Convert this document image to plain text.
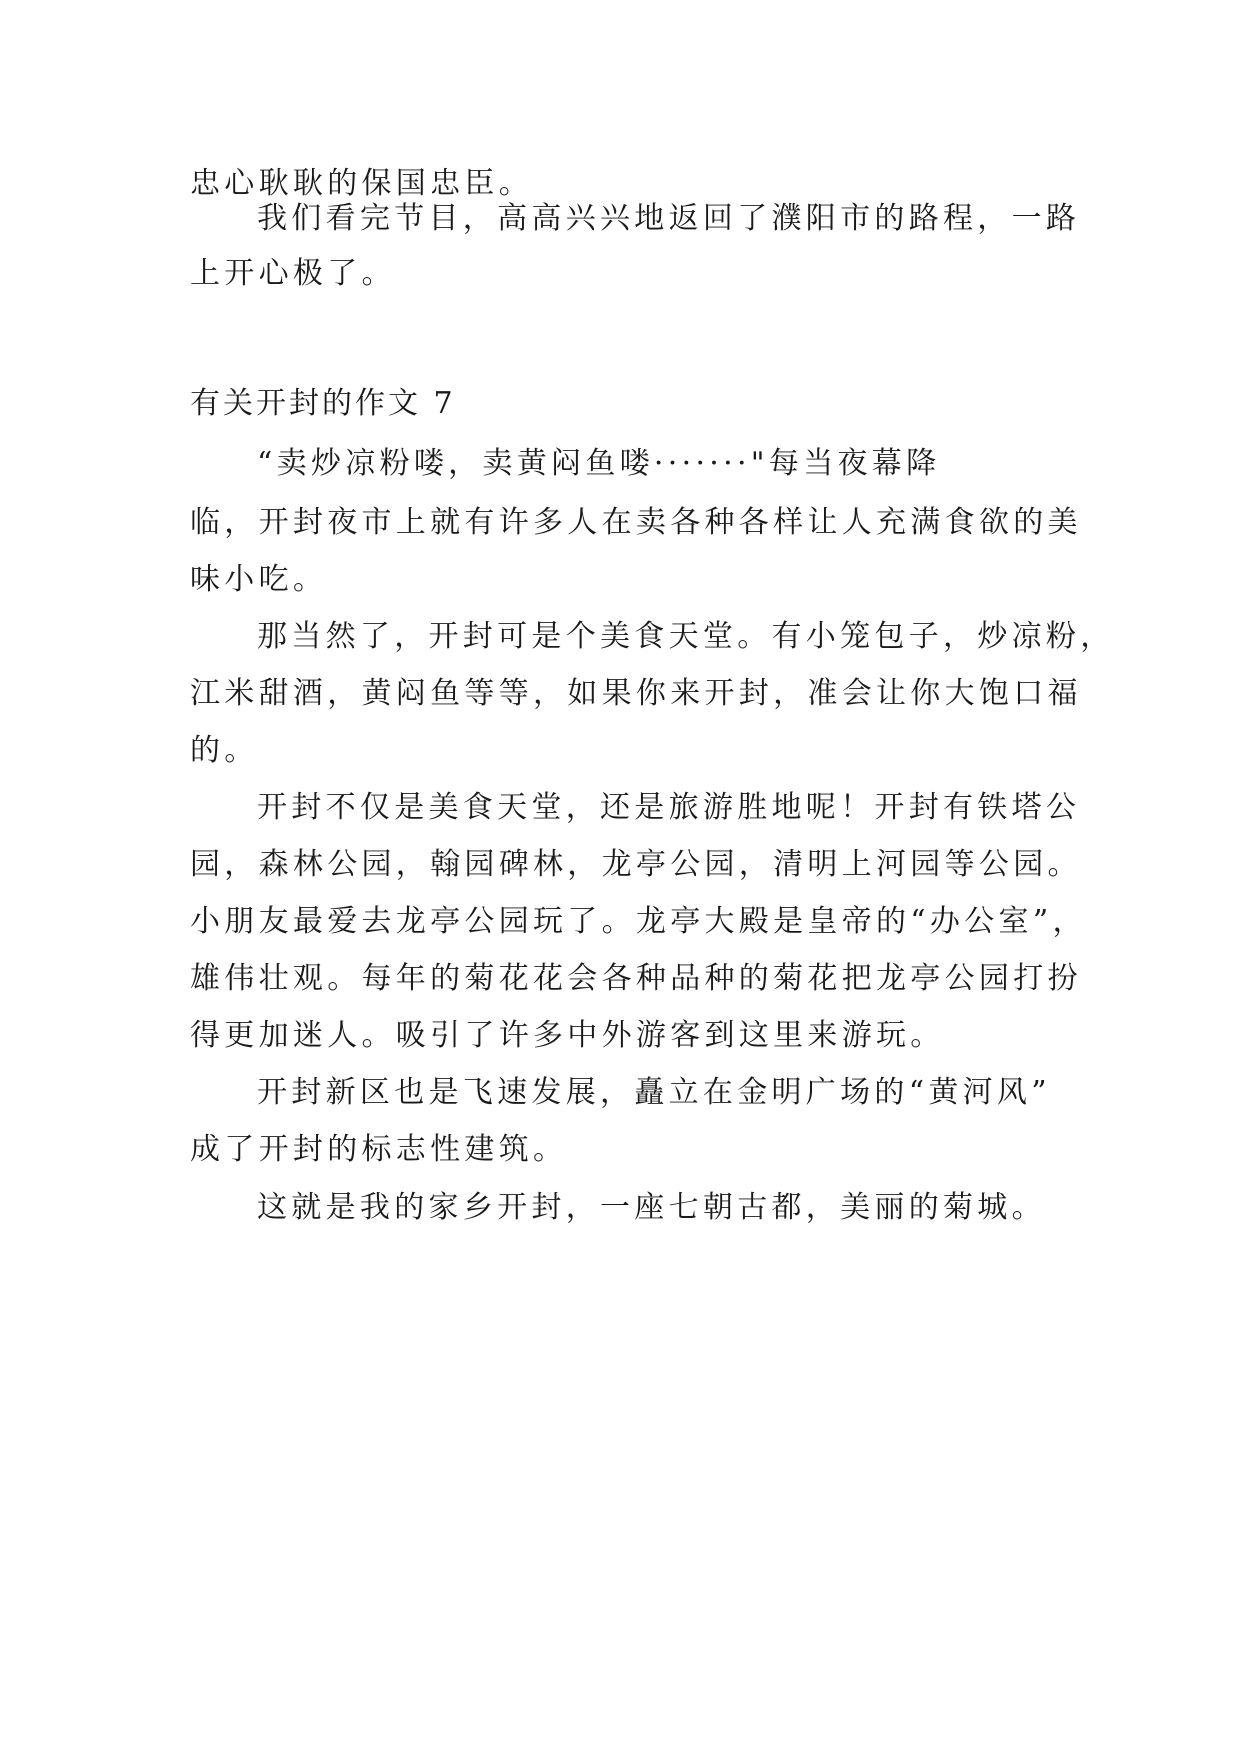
忠心耿耿的保国忠臣。
我们看完节目，高高兴兴地返回了濮阳市的路程，一路
上开心极了。
有关开封的作文 7
“卖炒凉粉喽，卖黄闷鱼喽·······"每当夜幕降
临，开封夜市上就有许多人在卖各种各样让人充满食欲的美
味小吃。
那当然了，开封可是个美食天堂。有小笼包子，炒凉粉，
江米甜酒，黄闷鱼等等，如果你来开封，准会让你大饱口福
的。
开封不仅是美食天堂，还是旅游胜地呢！开封有铁塔公
园，森林公园，翰园碑林，龙亭公园，清明上河园等公园。
小朋友最爱去龙亭公园玩了。龙亭大殿是皇帝的“办公室”，
雄伟壮观。每年的菊花花会各种品种的菊花把龙亭公园打扮
得更加迷人。吸引了许多中外游客到这里来游玩。
开封新区也是飞速发展，矗立在金明广场的“黄河风”
成了开封的标志性建筑。
这就是我的家乡开封，一座七朝古都，美丽的菊城。
